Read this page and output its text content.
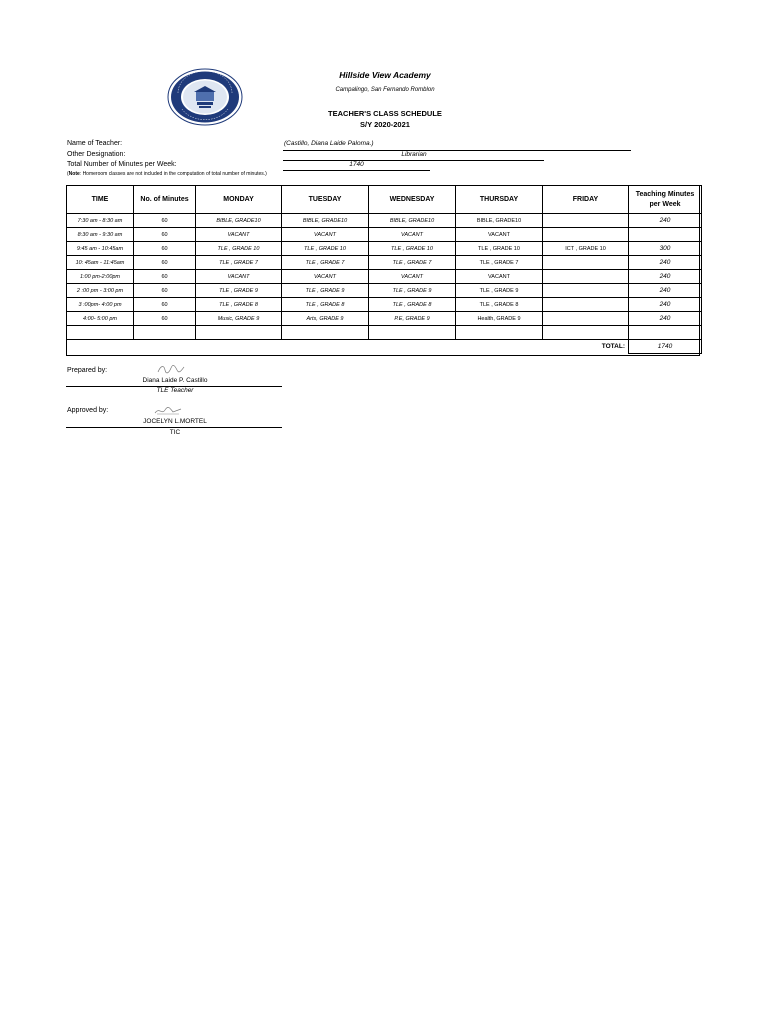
Hillside View Academy
Campalingo, San Fernando Romblon
TEACHER'S CLASS SCHEDULE
S/Y 2020-2021
Name of Teacher:	(Castillo, Diana Laide Paloma.)
Other Designation:	Librarian
Total Number of Minutes per Week:	1740
(Note: Homeroom classes are not included in the computation of total number of minutes.)
TIME	No. of Minutes	MONDAY	TUESDAY	WEDNESDAY	THURSDAY	FRIDAY	Teaching Minutes
per Week
7:30 am - 8:30 am	60	BIBLE, GRADE10	BIBLE, GRADE10	BIBLE, GRADE10	BIBLE, GRADE10		240
8:30 am - 9:30 am	60	VACANT	VACANT	VACANT	VACANT		
9:45 am - 10:45am	60	TLE , GRADE 10	TLE , GRADE 10	TLE , GRADE 10	TLE , GRADE 10	ICT , GRADE 10	300
10: 45am - 11:45am	60	TLE , GRADE 7	TLE , GRADE 7	TLE , GRADE 7	TLE , GRADE 7		240
1:00 pm-2:00pm	60	VACANT	VACANT	VACANT	VACANT		240
2 :00 pm - 3:00 pm	60	TLE , GRADE 9	TLE , GRADE 9	TLE , GRADE 9	TLE , GRADE 9		240
3 :00pm- 4:00 pm	60	TLE , GRADE 8	TLE , GRADE 8	TLE , GRADE 8	TLE , GRADE 8		240
4:00- 5:00 pm	60	Music, GRADE 9	Arts, GRADE 9	P.E, GRADE 9	Health, GRADE 9		240

TOTAL:							1740
Prepared by:
Diana Laide P. Castillo
TLE Teacher
Approved by:
JOCELYN L.MORTEL
TIC
